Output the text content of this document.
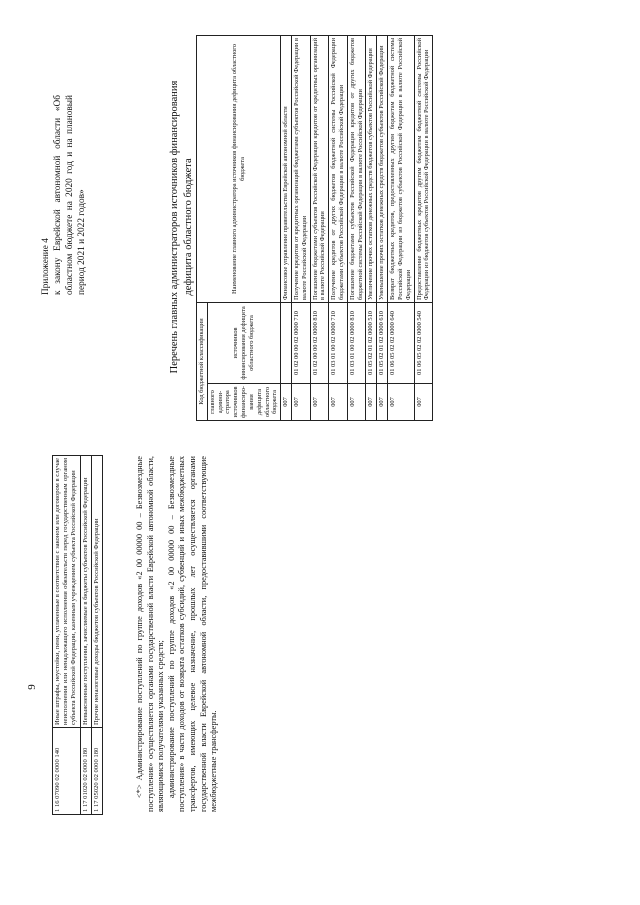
9
1 16 07090 02 0000 140	Иные штрафы, неустойки, пени, уплаченные в соответствии с законом или договором в случае неисполнения или ненадлежащего исполнения обязательств перед государственным органом субъекта Российской Федерации, казенным учреждением субъекта Российской Федерации
1 17 01020 02 0000 180	Невыясненные поступления, зачисляемые в бюджеты субъектов Российской Федерации
1 17 05020 02 0000 180	Прочие неналоговые доходы бюджетов субъектов Российской Федерации	<*> Администрирование поступлений по группе доходов «2 00 00000 00 – Безвозмездные поступления» осуществляется органами государственной власти Еврейской автономной области, являющимися получателями указанных средств; администрирование поступлений по группе доходов «2 00 00000 00 – Безвозмездные поступления» в части доходов от возврата остатков субсидий, субвенций и иных межбюджетных трансфертов, имеющих целевое назначение, прошлых лет осуществляется органами государственной власти Еврейской автономной области, предоставившими соответствующие межбюджетные трансферты.

Приложение 4 к закону Еврейской автономной области «Об областном бюджете на 2020 год и на плановый период 2021 и 2022 годов»	Перечень главных администраторов источников финансирования дефицита областного бюджета
Код бюджетной классификации		Наименование главного администратора источников финансирования дефицита областного бюджета
главного админи-стратора источников финансиро-вания дефицита областного бюджета	источников финансирования дефицита областного бюджета	
007		Финансовое управление правительства Еврейской автономной области
007	01 02 00 00 02 0000 710	Получение кредитов от кредитных организаций бюджетами субъектов Российской Федерации в валюте Российской Федерации
007	01 02 00 00 02 0000 810	Погашение бюджетами субъектов Российской Федерации кредитов от кредитных организаций в валюте Российской Федерации
007	01 03 01 00 02 0000 710	Получение кредитов от других бюджетов бюджетной системы Российской Федерации бюджетами субъектов Российской Федерации в валюте Российской Федерации
007	01 03 01 00 02 0000 810	Погашение бюджетами субъектов Российской Федерации кредитов от других бюджетов бюджетной системы Российской Федерации в валюте Российской Федерации
007	01 05 02 01 02 0000 510	Увеличение прочих остатков денежных средств бюджетов субъектов Российской Федерации
007	01 05 02 01 02 0000 610	Уменьшение прочих остатков денежных средств бюджетов субъектов Российской Федерации
007	01 06 05 02 02 0000 640	Возврат бюджетных кредитов, предоставленных другим бюджетам бюджетной системы Российской Федерации из бюджетов субъектов Российской Федерации в валюте Российской Федерации
007	01 06 05 02 02 0000 540	Предоставление бюджетных кредитов другим бюджетам бюджетной системы Российской Федерации из бюджетов субъектов Российской Федерации в валюте Российской Федерации
